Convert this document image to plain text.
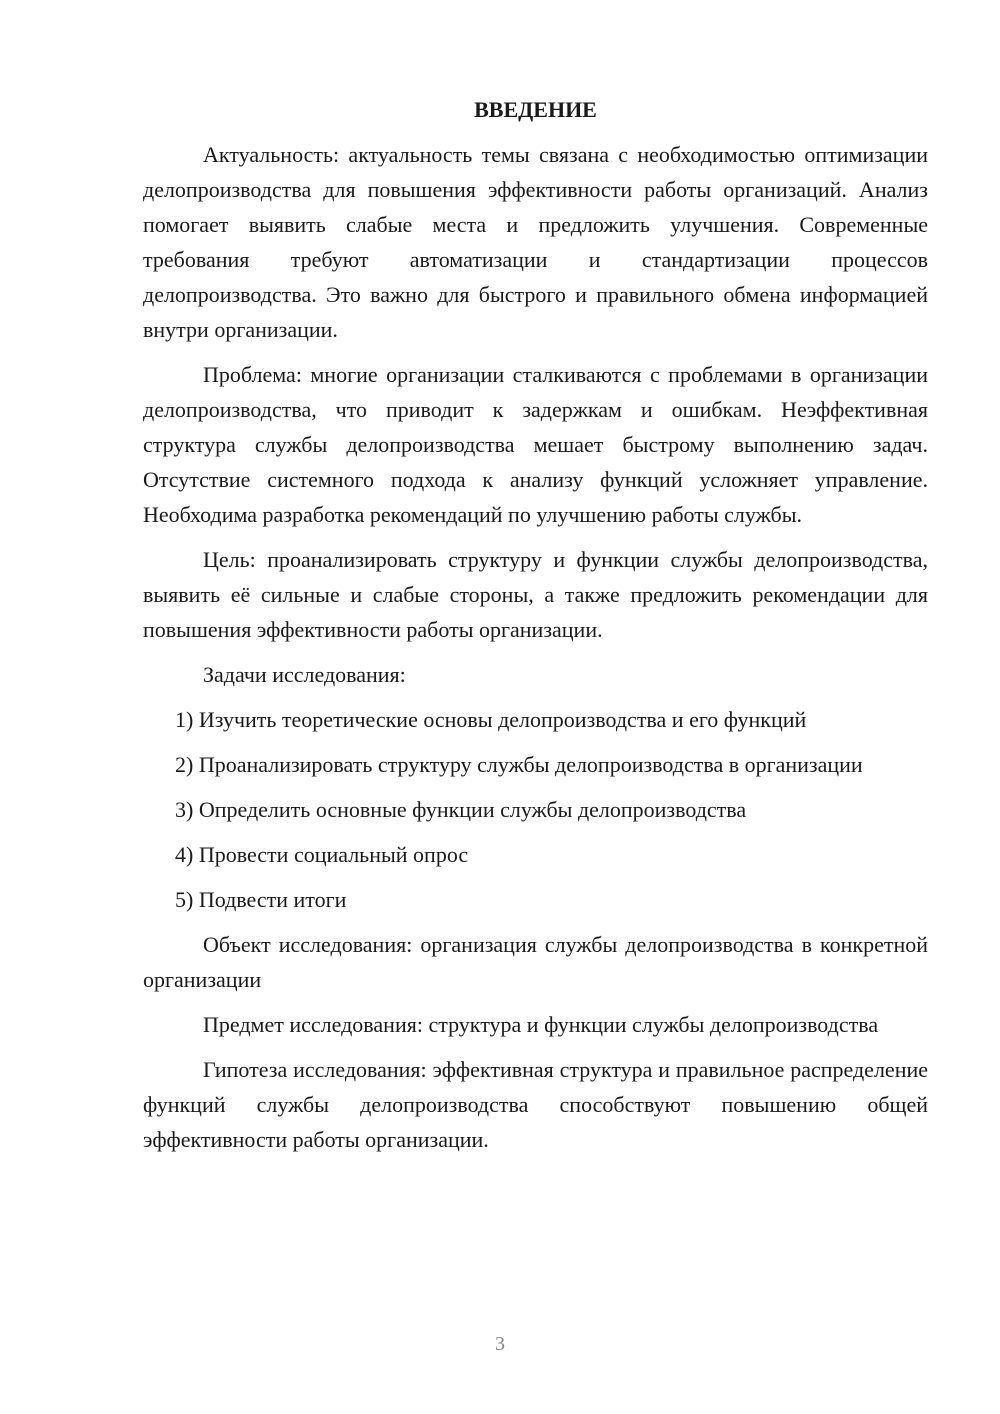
ВВЕДЕНИЕ

Актуальность: актуальность темы связана с необходимостью оптимизации делопроизводства для повышения эффективности работы организаций. Анализ помогает выявить слабые места и предложить улучшения. Современные требования требуют автоматизации и стандартизации процессов делопроизводства. Это важно для быстрого и правильного обмена информацией внутри организации.

Проблема: многие организации сталкиваются с проблемами в организации делопроизводства, что приводит к задержкам и ошибкам. Неэффективная структура службы делопроизводства мешает быстрому выполнению задач. Отсутствие системного подхода к анализу функций усложняет управление. Необходима разработка рекомендаций по улучшению работы службы.

Цель: проанализировать структуру и функции службы делопроизводства, выявить её сильные и слабые стороны, а также предложить рекомендации для повышения эффективности работы организации.

Задачи исследования:

1) Изучить теоретические основы делопроизводства и его функций

2) Проанализировать структуру службы делопроизводства в организации

3) Определить основные функции службы делопроизводства

4) Провести социальный опрос

5) Подвести итоги

Объект исследования: организация службы делопроизводства в конкретной организации

Предмет исследования: структура и функции службы делопроизводства

Гипотеза исследования: эффективная структура и правильное распределение функций службы делопроизводства способствуют повышению общей эффективности работы организации.

3
